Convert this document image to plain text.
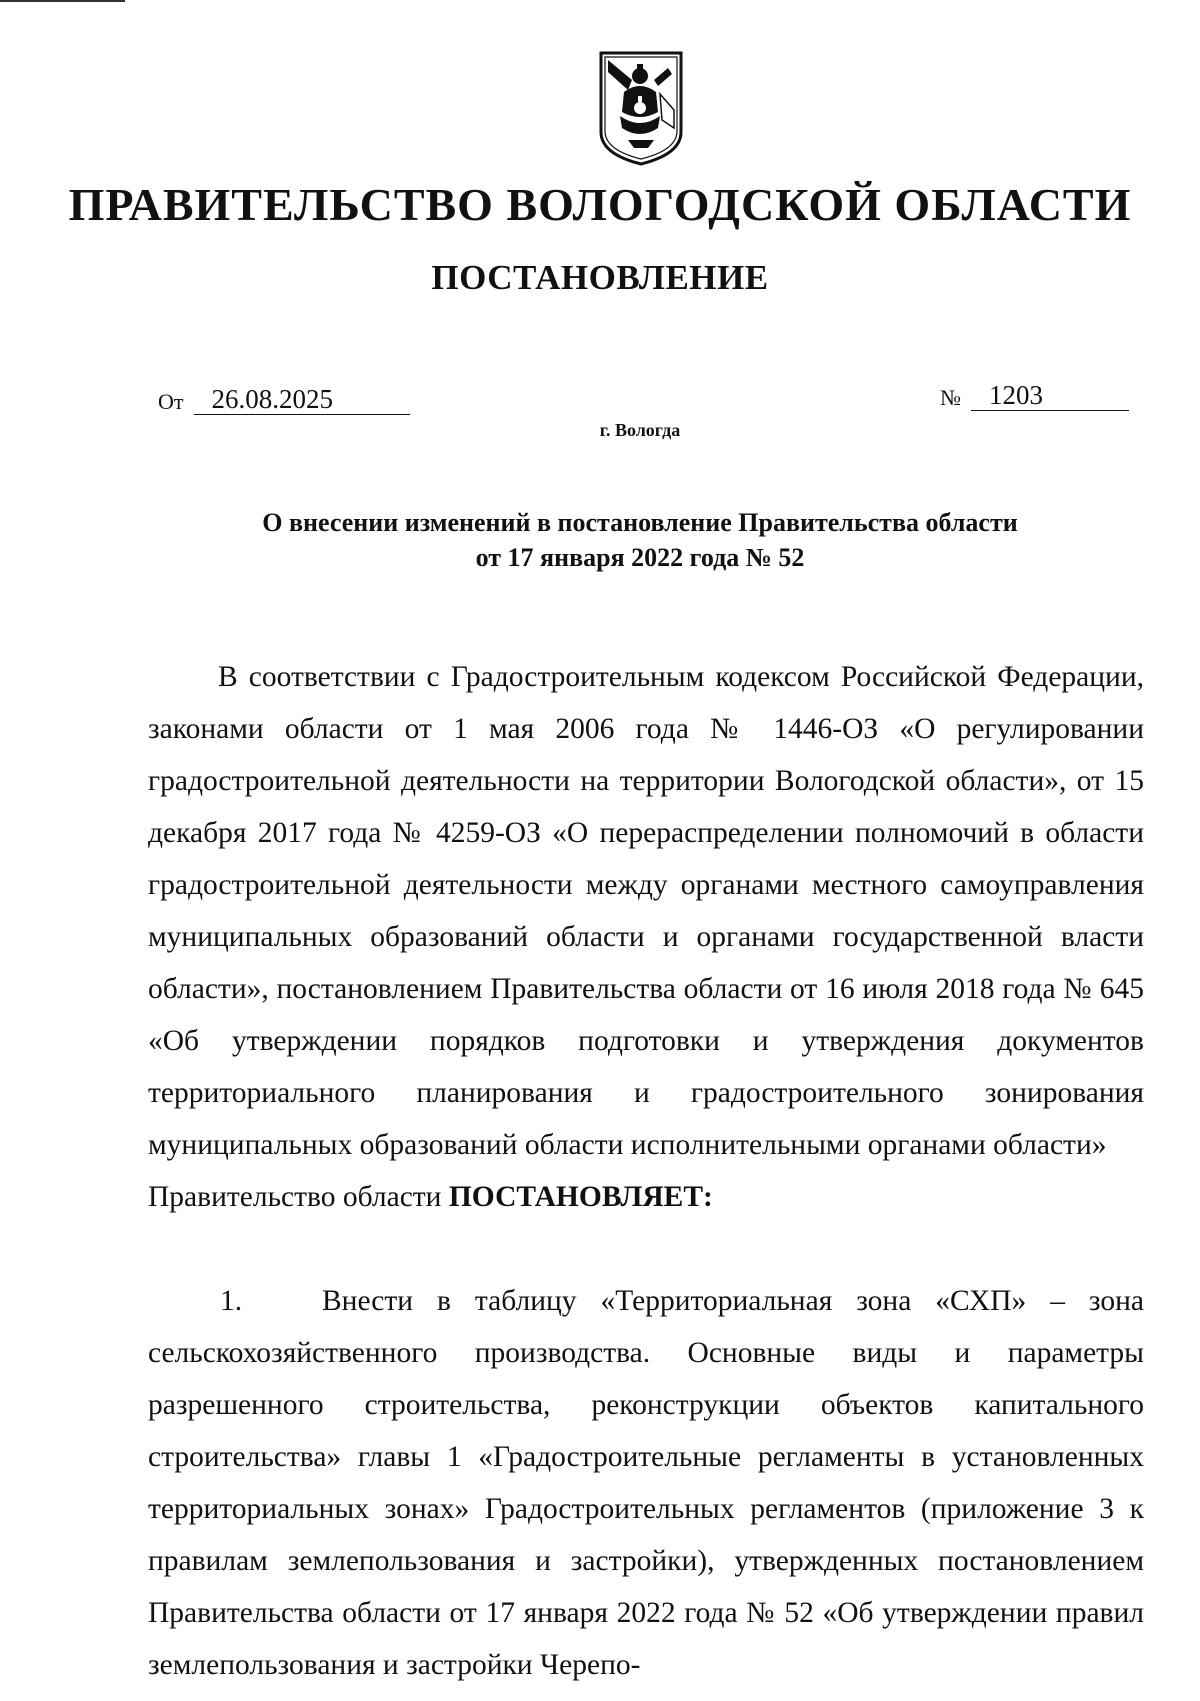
ПРАВИТЕЛЬСТВО ВОЛОГОДСКОЙ ОБЛАСТИ
ПОСТАНОВЛЕНИЕ
От	26.08.2025	№	1203
г. Вологда
О внесении изменений в постановление Правительства области
от 17 января 2022 года № 52

В соответствии с Градостроительным кодексом Российской Федерации, законами области от 1 мая 2006 года № 1446-ОЗ «О регулировании градостроительной деятельности на территории Вологодской области», от 15 декабря 2017 года № 4259-ОЗ «О перераспределении полномочий в области градостроительной деятельности между органами местного самоуправления муниципальных образований области и органами государственной власти области», постановлением Правительства области от 16 июля 2018 года № 645 «Об утверждении порядков подготовки и утверждения документов территориального планирования и градостроительного зонирования муниципальных образований области исполнительными органами области»

Правительство области ПОСТАНОВЛЯЕТ:

1.	Внести в таблицу «Территориальная зона «СХП» – зона сельскохозяйственного производства. Основные виды и параметры разрешенного строительства, реконструкции объектов капитального строительства» главы 1 «Градостроительные регламенты в установленных территориальных зонах» Градостроительных регламентов (приложение 3 к правилам землепользования и застройки), утвержденных постановлением Правительства области от 17 января 2022 года № 52 «Об утверждении правил землепользования и застройки Черепо-
